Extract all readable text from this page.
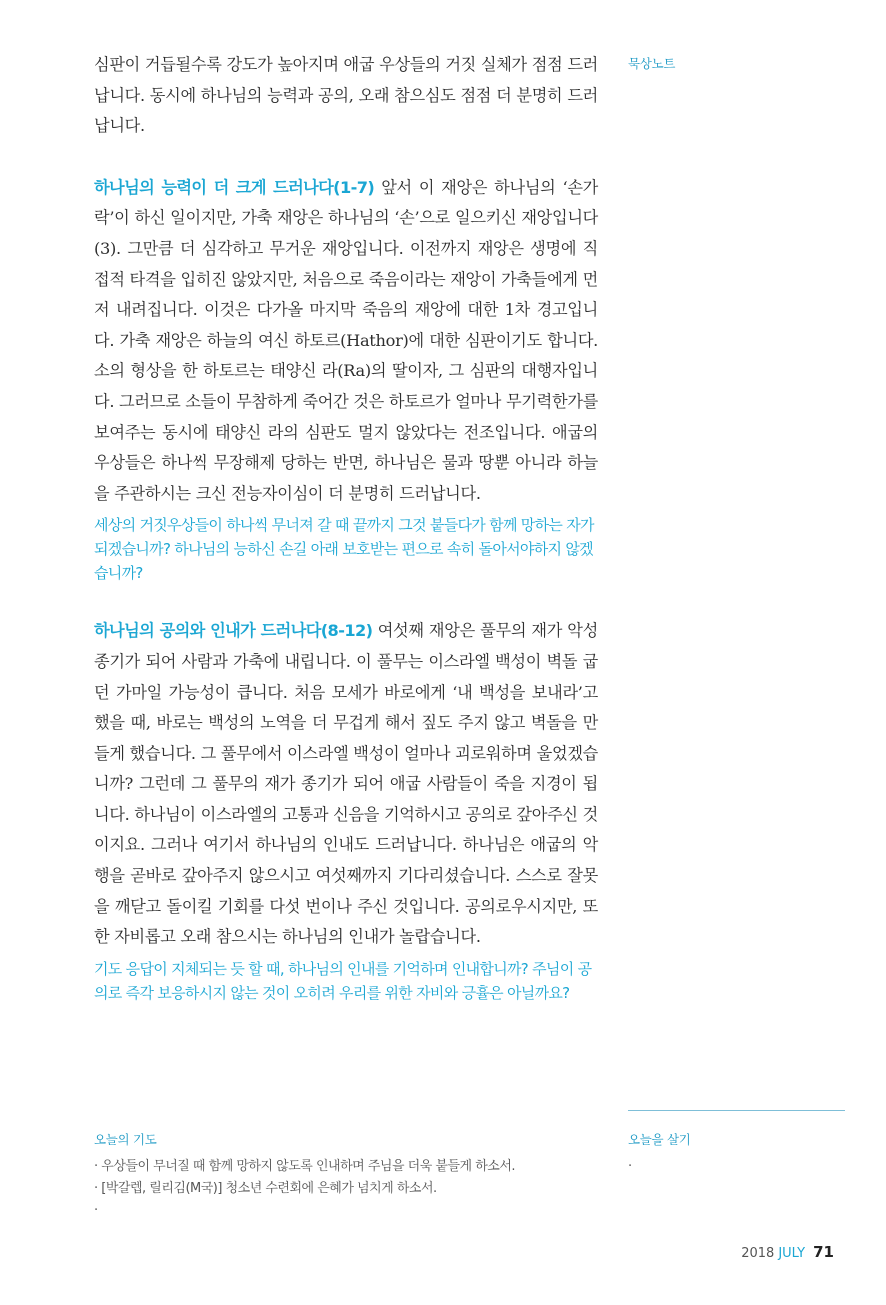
심판이 거듭될수록 강도가 높아지며 애굽 우상들의 거짓 실체가 점점 드러납니다. 동시에 하나님의 능력과 공의, 오래 참으심도 점점 더 분명히 드러납니다.

하나님의 능력이 더 크게 드러나다(1-7) 앞서 이 재앙은 하나님의 ‘손가락’이 하신 일이지만, 가축 재앙은 하나님의 ‘손’으로 일으키신 재앙입니다(3). 그만큼 더 심각하고 무거운 재앙입니다. 이전까지 재앙은 생명에 직접적 타격을 입히진 않았지만, 처음으로 죽음이라는 재앙이 가축들에게 먼저 내려집니다. 이것은 다가올 마지막 죽음의 재앙에 대한 1차 경고입니다. 가축 재앙은 하늘의 여신 하토르(Hathor)에 대한 심판이기도 합니다. 소의 형상을 한 하토르는 태양신 라(Ra)의 딸이자, 그 심판의 대행자입니다. 그러므로 소들이 무참하게 죽어간 것은 하토르가 얼마나 무기력한가를 보여주는 동시에 태양신 라의 심판도 멀지 않았다는 전조입니다. 애굽의 우상들은 하나씩 무장해제 당하는 반면, 하나님은 물과 땅뿐 아니라 하늘을 주관하시는 크신 전능자이심이 더 분명히 드러납니다.

세상의 거짓우상들이 하나씩 무너져 갈 때 끝까지 그것 붙들다가 함께 망하는 자가 되겠습니까? 하나님의 능하신 손길 아래 보호받는 편으로 속히 돌아서야하지 않겠습니까?

하나님의 공의와 인내가 드러나다(8-12) 여섯째 재앙은 풀무의 재가 악성 종기가 되어 사람과 가축에 내립니다. 이 풀무는 이스라엘 백성이 벽돌 굽던 가마일 가능성이 큽니다. 처음 모세가 바로에게 ‘내 백성을 보내라’고 했을 때, 바로는 백성의 노역을 더 무겁게 해서 짚도 주지 않고 벽돌을 만들게 했습니다. 그 풀무에서 이스라엘 백성이 얼마나 괴로워하며 울었겠습니까? 그런데 그 풀무의 재가 종기가 되어 애굽 사람들이 죽을 지경이 됩니다. 하나님이 이스라엘의 고통과 신음을 기억하시고 공의로 갚아주신 것이지요. 그러나 여기서 하나님의 인내도 드러납니다. 하나님은 애굽의 악행을 곧바로 갚아주지 않으시고 여섯째까지 기다리셨습니다. 스스로 잘못을 깨닫고 돌이킬 기회를 다섯 번이나 주신 것입니다. 공의로우시지만, 또한 자비롭고 오래 참으시는 하나님의 인내가 놀랍습니다.

기도 응답이 지체되는 듯 할 때, 하나님의 인내를 기억하며 인내합니까? 주님이 공의로 즉각 보응하시지 않는 것이 오히려 우리를 위한 자비와 긍휼은 아닐까요?

묵상노트
오늘의 기도
· 우상들이 무너질 때 함께 망하지 않도록 인내하며 주님을 더욱 붙들게 하소서.
· [박갈렙, 릴리김(M국)] 청소년 수련회에 은혜가 넘치게 하소서.
·
오늘을 살기
·
2018 JULY 71
